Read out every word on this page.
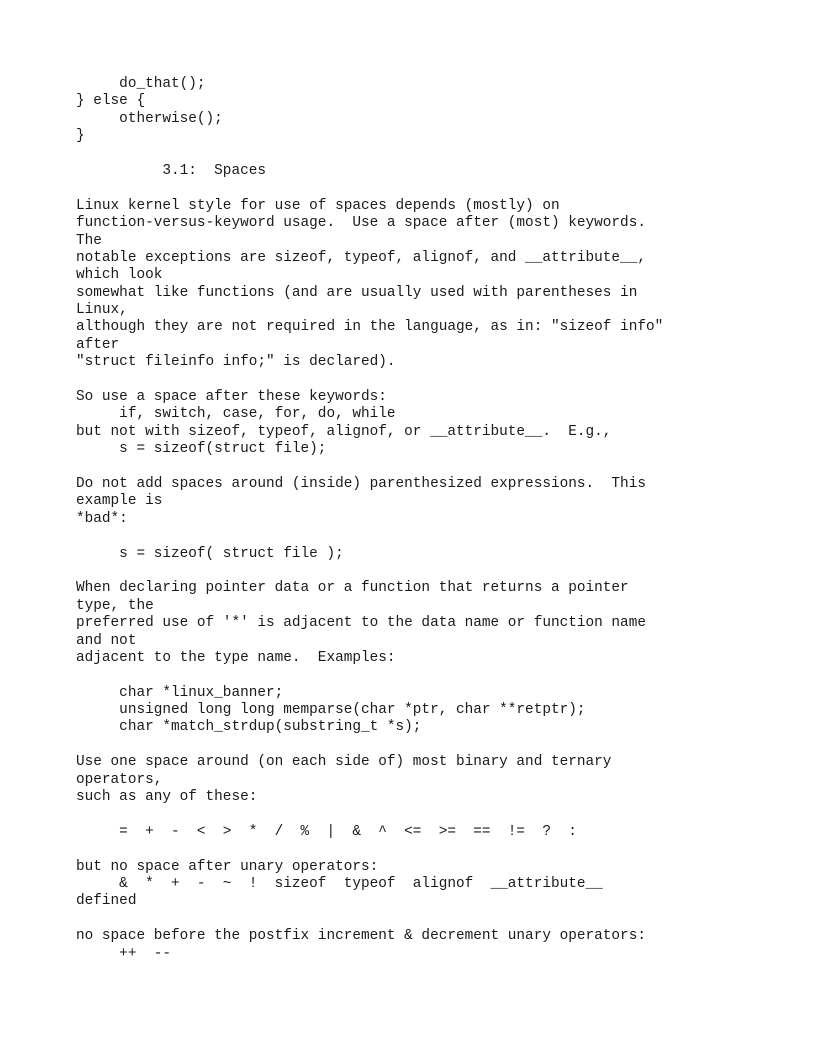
do_that();
} else {
otherwise();
}
3.1:  Spaces
Linux kernel style for use of spaces depends (mostly) on
function-versus-keyword usage.  Use a space after (most) keywords.
The
notable exceptions are sizeof, typeof, alignof, and __attribute__,
which look
somewhat like functions (and are usually used with parentheses in
Linux,
although they are not required in the language, as in: "sizeof info"
after
"struct fileinfo info;" is declared).
So use a space after these keywords:
if, switch, case, for, do, while
but not with sizeof, typeof, alignof, or __attribute__.  E.g.,
s = sizeof(struct file);
Do not add spaces around (inside) parenthesized expressions.  This
example is
*bad*:
s = sizeof( struct file );
When declaring pointer data or a function that returns a pointer
type, the
preferred use of '*' is adjacent to the data name or function name
and not
adjacent to the type name.  Examples:
char *linux_banner;
unsigned long long memparse(char *ptr, char **retptr);
char *match_strdup(substring_t *s);
Use one space around (on each side of) most binary and ternary
operators,
such as any of these:
=  +  -  <  >  *  /  %  |  &  ^  <=  >=  ==  !=  ?  :
but no space after unary operators:
&  *  +  -  ~  !  sizeof  typeof  alignof  __attribute__
defined
no space before the postfix increment & decrement unary operators:
++  --
